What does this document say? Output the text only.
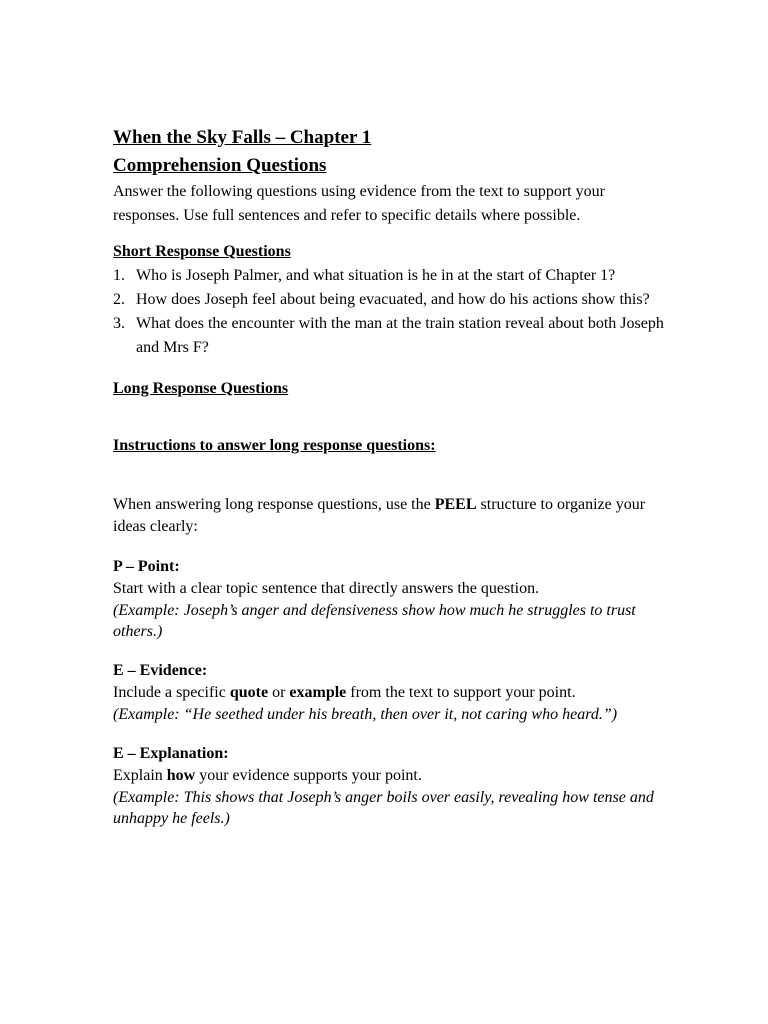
When the Sky Falls – Chapter 1
Comprehension Questions

Answer the following questions using evidence from the text to support your responses. Use full sentences and refer to specific details where possible.

Short Response Questions
1. Who is Joseph Palmer, and what situation is he in at the start of Chapter 1?
2. How does Joseph feel about being evacuated, and how do his actions show this?
3. What does the encounter with the man at the train station reveal about both Joseph and Mrs F?
Long Response Questions
Instructions to answer long response questions:

When answering long response questions, use the PEEL structure to organize your ideas clearly:

P – Point:
Start with a clear topic sentence that directly answers the question.
(Example: Joseph’s anger and defensiveness show how much he struggles to trust others.)
E – Evidence:
Include a specific quote or example from the text to support your point.
(Example: “He seethed under his breath, then over it, not caring who heard.”)
E – Explanation:
Explain how your evidence supports your point.
(Example: This shows that Joseph’s anger boils over easily, revealing how tense and unhappy he feels.)
